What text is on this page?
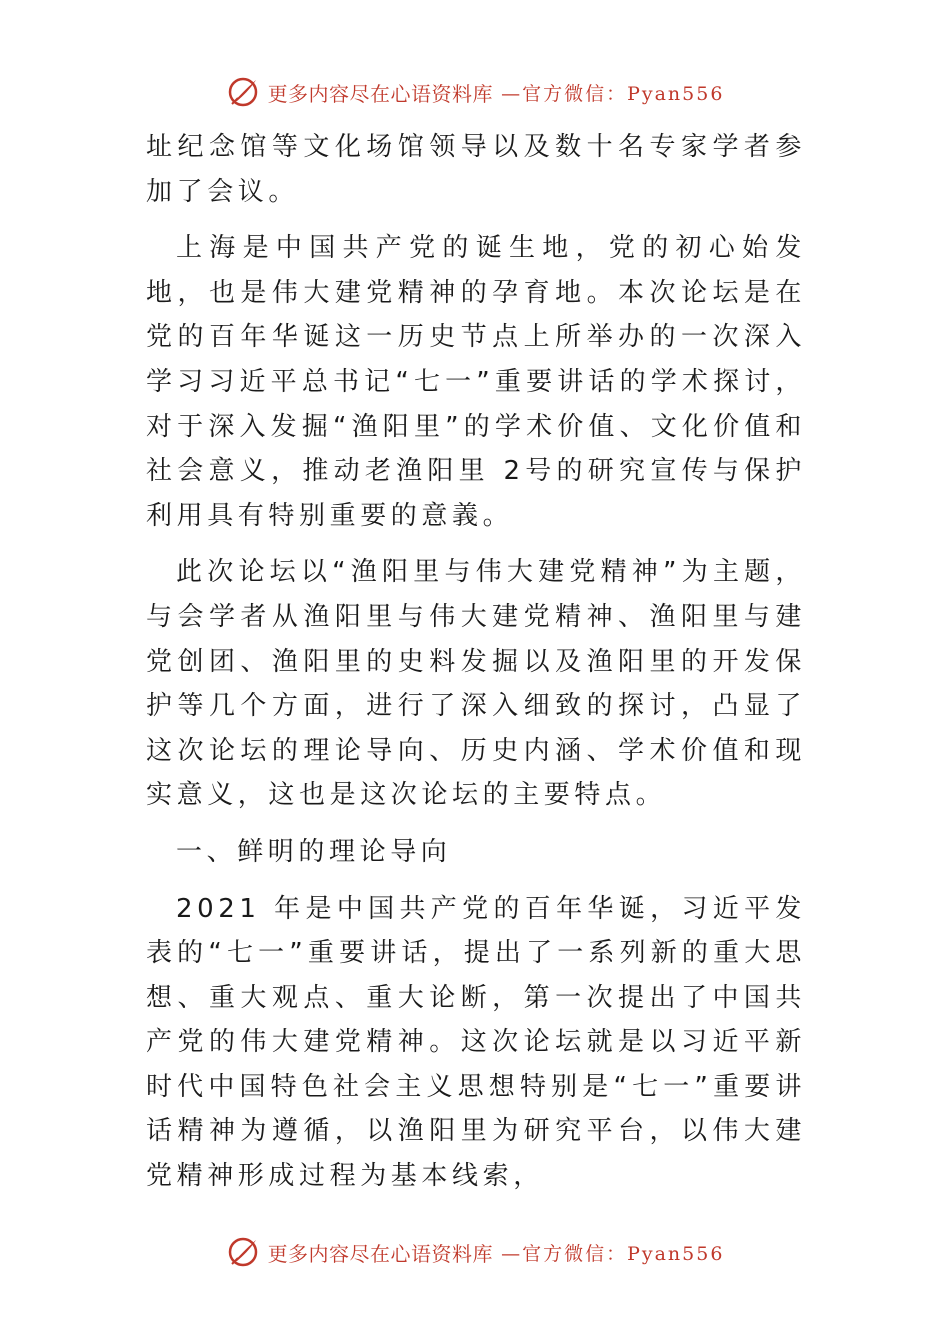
更多内容尽在心语资料库 —官方微信：Pyan556

址纪念馆等文化场馆领导以及数十名专家学者参加了会议。

上海是中国共产党的诞生地，党的初心始发地，也是伟大建党精神的孕育地。本次论坛是在党的百年华诞这一历史节点上所举办的一次深入学习习近平总书记“七一”重要讲话的学术探讨，对于深入发掘“渔阳里”的学术价值、文化价值和社会意义，推动老渔阳里 2号的研究宣传与保护利用具有特别重要的意義。

此次论坛以“渔阳里与伟大建党精神”为主题，与会学者从渔阳里与伟大建党精神、渔阳里与建党创团、渔阳里的史料发掘以及渔阳里的开发保护等几个方面，进行了深入细致的探讨，凸显了这次论坛的理论导向、历史内涵、学术价值和现实意义，这也是这次论坛的主要特点。

一、鲜明的理论导向

2021 年是中国共产党的百年华诞，习近平发表的“七一”重要讲话，提出了一系列新的重大思想、重大观点、重大论断，第一次提出了中国共产党的伟大建党精神。这次论坛就是以习近平新时代中国特色社会主义思想特别是“七一”重要讲话精神为遵循，以渔阳里为研究平台，以伟大建党精神形成过程为基本线索，

更多内容尽在心语资料库 —官方微信：Pyan556
